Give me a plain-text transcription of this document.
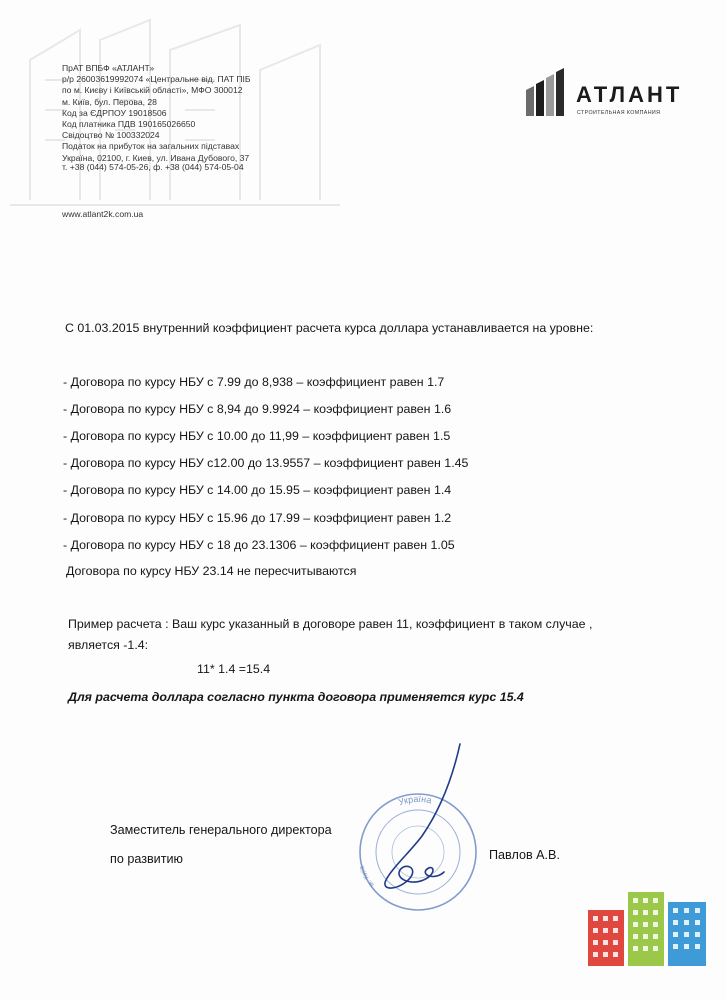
ПрАТ ВПБФ «АТЛАНТ»
р/р 26003619992074 «Центральне від. ПАТ ПІБ
по м. Києву і Київській області», МФО 300012
м. Київ, бул. Перова, 28
Код за ЄДРПОУ 19018506
Код платника ПДВ 190165026650
Свідоцтво № 100332024
Податок на прибуток на загальних підставах
Україна, 02100, г. Киев, ул. Ивана Дубового, 37
т. +38 (044) 574-05-26, ф. +38 (044) 574-05-04
www.atlant2k.com.ua
АТЛАНТ
СТРОИТЕЛЬНАЯ КОМПАНИЯ
С 01.03.2015 внутренний коэффициент расчета курса доллара устанавливается на уровне:
- Договора по курсу НБУ с 7.99 до 8,938 – коэффициент равен 1.7
- Договора по курсу НБУ с 8,94 до 9.9924 – коэффициент равен 1.6
- Договора по курсу НБУ с 10.00 до 11,99 – коэффициент равен 1.5
- Договора по курсу НБУ с12.00 до 13.9557 – коэффициент равен 1.45
- Договора по курсу НБУ с 14.00 до 15.95 – коэффициент равен 1.4
- Договора по курсу НБУ с 15.96 до 17.99 – коэффициент равен 1.2
- Договора по курсу НБУ с 18 до 23.1306 – коэффициент равен 1.05
Договора по курсу НБУ 23.14 не пересчитываются
Пример расчета : Ваш курс указанный в договоре равен 11, коэффициент в таком случае ,
является -1.4:
11* 1.4 =15.4
Для расчета доллара согласно пункта договора применяется курс 15.4
Заместитель генерального директора
по развитию	Павлов А.В.
Україна
м. Київ
